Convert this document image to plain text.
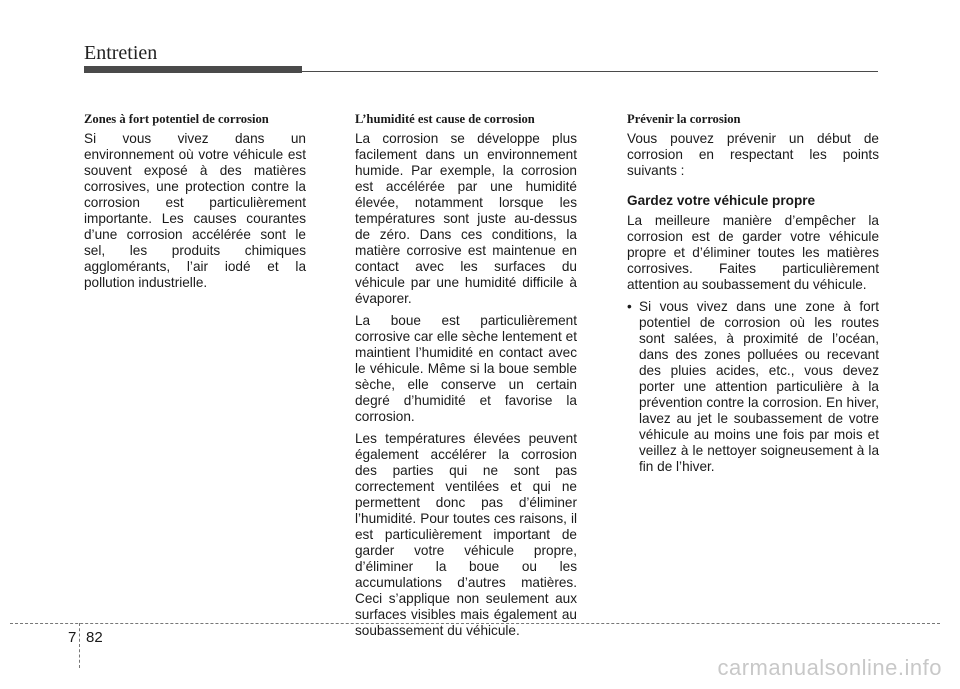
Entretien
Zones à fort potentiel de corrosion

Si vous vivez dans un environnement où votre véhicule est souvent exposé à des matières corrosives, une protection contre la corrosion est particulièrement importante. Les causes courantes d’une corrosion accélérée sont le sel, les produits chimiques agglomérants, l’air iodé et la pollution industrielle.

L’humidité est cause de corrosion

La corrosion se développe plus facilement dans un environnement humide. Par exemple, la corrosion est accélérée par une humidité élevée, notamment lorsque les températures sont juste au-dessus de zéro. Dans ces conditions, la matière corrosive est maintenue en contact avec les surfaces du véhicule par une humidité difficile à évaporer.

La boue est particulièrement corrosive car elle sèche lentement et maintient l’humidité en contact avec le véhicule. Même si la boue semble sèche, elle conserve un certain degré d’humidité et favorise la corrosion.

Les températures élevées peuvent également accélérer la corrosion des parties qui ne sont pas correctement ventilées et qui ne permettent donc pas d’éliminer l’humidité. Pour toutes ces raisons, il est particulièrement important de garder votre véhicule propre, d’éliminer la boue ou les accumulations d’autres matières. Ceci s’applique non seulement aux surfaces visibles mais également au soubassement du véhicule.

Prévenir la corrosion

Vous pouvez prévenir un début de corrosion en respectant les points suivants :

Gardez votre véhicule propre

La meilleure manière d’empêcher la corrosion est de garder votre véhicule propre et d’éliminer toutes les matières corrosives. Faites particulièrement attention au soubassement du véhicule.

• Si vous vivez dans une zone à fort potentiel de corrosion où les routes sont salées, à proximité de l’océan, dans des zones polluées ou recevant des pluies acides, etc., vous devez porter une attention particulière à la prévention contre la corrosion. En hiver, lavez au jet le soubassement de votre véhicule au moins une fois par mois et veillez à le nettoyer soigneusement à la fin de l’hiver.
7 82
carmanualsonline.info
